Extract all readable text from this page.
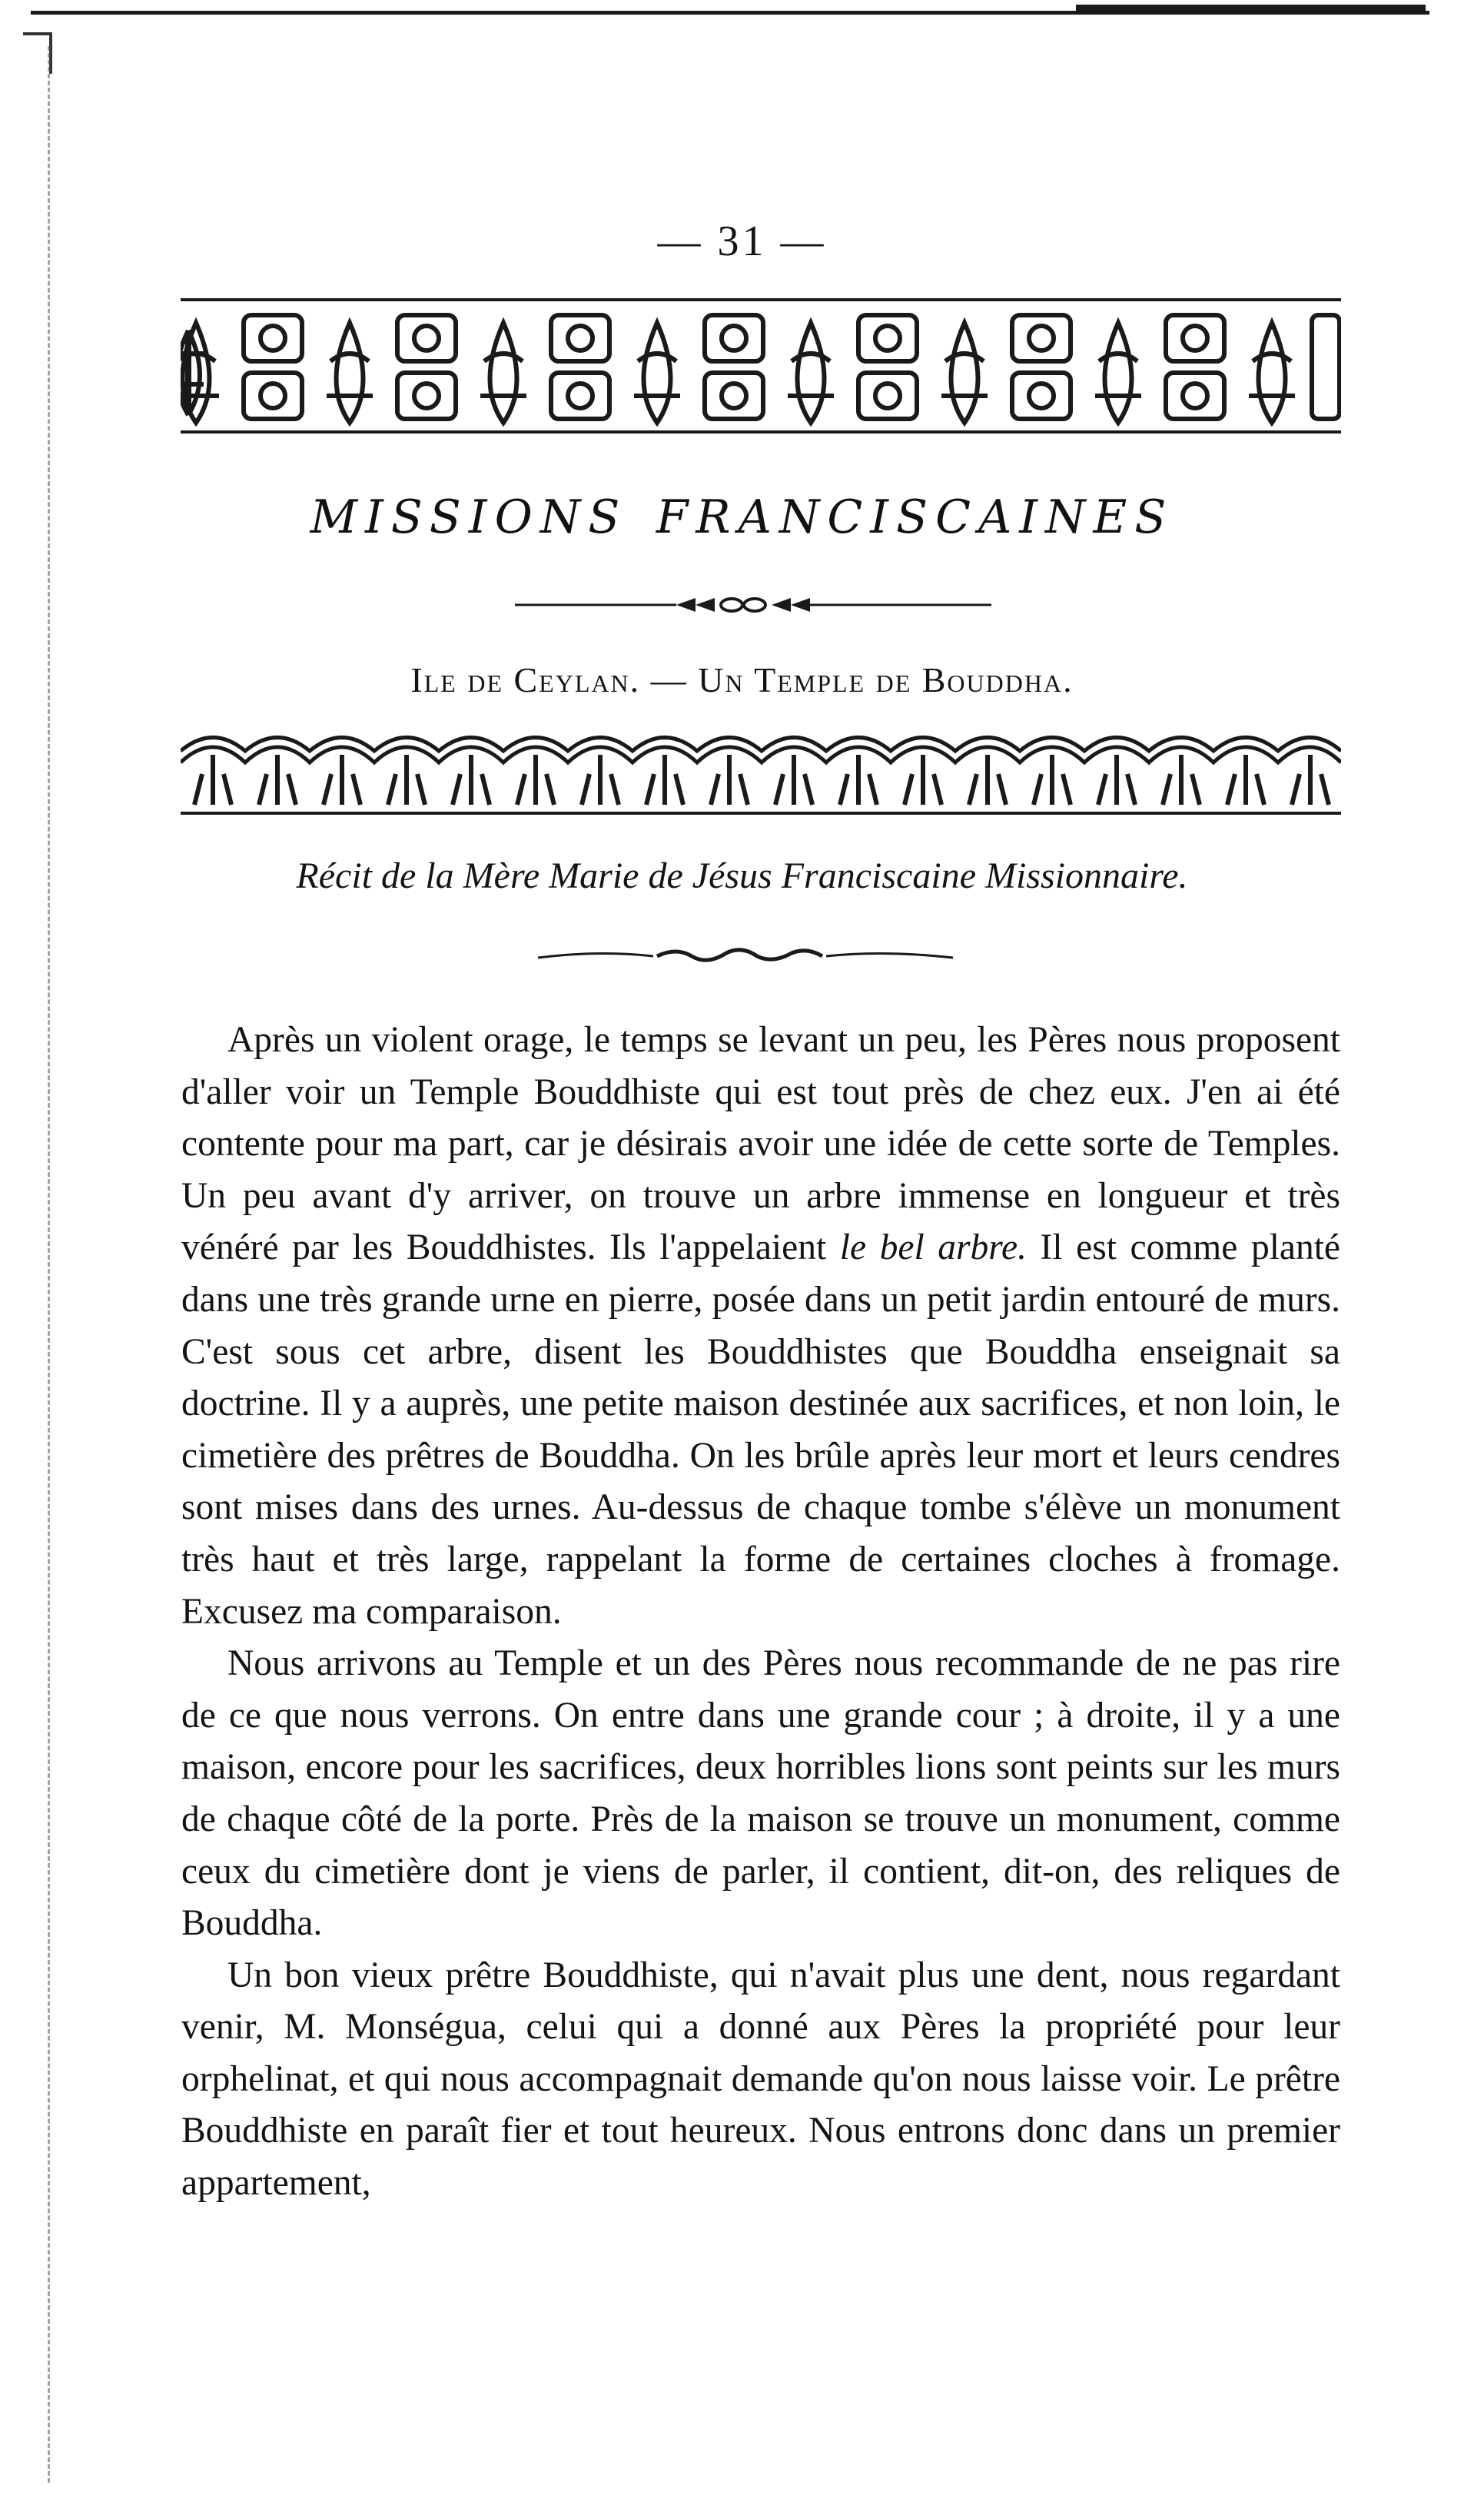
— 31 —
missions franciscaines
Ile de Ceylan. — Un Temple de Bouddha.
Récit de la Mère Marie de Jésus Franciscaine Missionnaire.

Après un violent orage, le temps se levant un peu, les Pères nous proposent d'aller voir un Temple Bouddhiste qui est tout près de chez eux. J'en ai été contente pour ma part, car je désirais avoir une idée de cette sorte de Temples. Un peu avant d'y arriver, on trouve un arbre immense en longueur et très vénéré par les Bouddhistes. Ils l'appelaient le bel arbre. Il est comme planté dans une très grande urne en pierre, posée dans un petit jardin entouré de murs. C'est sous cet arbre, disent les Bouddhistes que Bouddha enseignait sa doctrine. Il y a auprès, une petite maison destinée aux sacrifices, et non loin, le cimetière des prêtres de Bouddha. On les brûle après leur mort et leurs cendres sont mises dans des urnes. Au-dessus de chaque tombe s'élève un monument très haut et très large, rappelant la forme de certaines cloches à fromage. Excusez ma comparaison.

Nous arrivons au Temple et un des Pères nous recommande de ne pas rire de ce que nous verrons. On entre dans une grande cour ; à droite, il y a une maison, encore pour les sacrifices, deux horribles lions sont peints sur les murs de chaque côté de la porte. Près de la maison se trouve un monument, comme ceux du cimetière dont je viens de parler, il contient, dit-on, des reliques de Bouddha.

Un bon vieux prêtre Bouddhiste, qui n'avait plus une dent, nous regardant venir, M. Monségua, celui qui a donné aux Pères la propriété pour leur orphelinat, et qui nous accompagnait demande qu'on nous laisse voir. Le prêtre Bouddhiste en paraît fier et tout heureux. Nous entrons donc dans un premier appartement,
